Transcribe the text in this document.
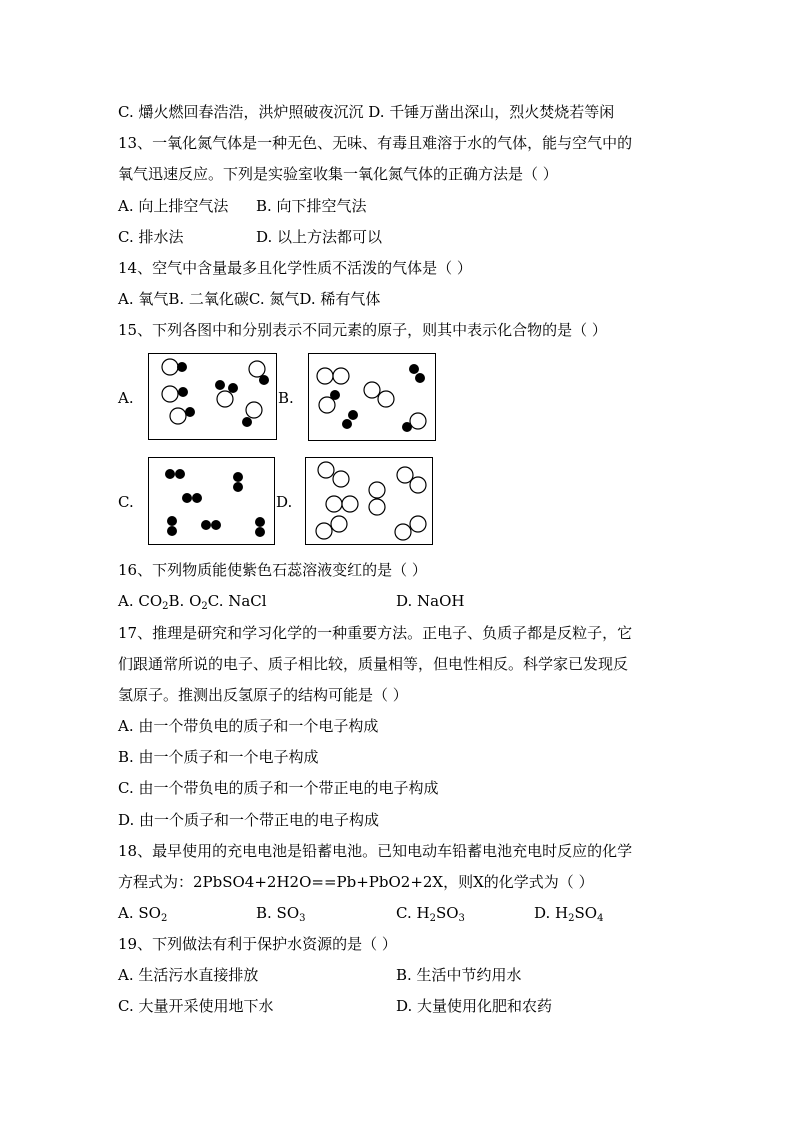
C. 爝火燃回春浩浩，洪炉照破夜沉沉 D. 千锤万凿出深山，烈火焚烧若等闲
13、一氧化氮气体是一种无色、无味、有毒且难溶于水的气体，能与空气中的
氧气迅速反应。下列是实验室收集一氧化氮气体的正确方法是（ ）
A. 向上排空气法 B. 向下排空气法
C. 排水法	D. 以上方法都可以
14、空气中含量最多且化学性质不活泼的气体是（ ）
A. 氧气B. 二氧化碳C. 氮气D. 稀有气体
15、下列各图中和分别表示不同元素的原子，则其中表示化合物的是（ ）
A.	B.
C.	D.
16、下列物质能使紫色石蕊溶液变红的是（ ）
A. $CO_2B$. $O_2C$. NaCl	D. NaOH
17、推理是研究和学习化学的一种重要方法。正电子、负质子都是反粒子，它
们跟通常所说的电子、质子相比较，质量相等，但电性相反。科学家已发现反
氢原子。推测出反氢原子的结构可能是（ ）
A. 由一个带负电的质子和一个电子构成
B. 由一个质子和一个电子构成
C. 由一个带负电的质子和一个带正电的电子构成
D. 由一个质子和一个带正电的电子构成
18、最早使用的充电电池是铅蓄电池。已知电动车铅蓄电池充电时反应的化学
方程式为：2PbSO4+2H2O==Pb+PbO2+2X，则X的化学式为（ ）
A. $SO_2$	B. $SO_3$	C. $H_2SO_3$	D. $H_2SO_4$
19、下列做法有利于保护水资源的是（ ）
A. 生活污水直接排放	B. 生活中节约用水
C. 大量开采使用地下水	D. 大量使用化肥和农药
